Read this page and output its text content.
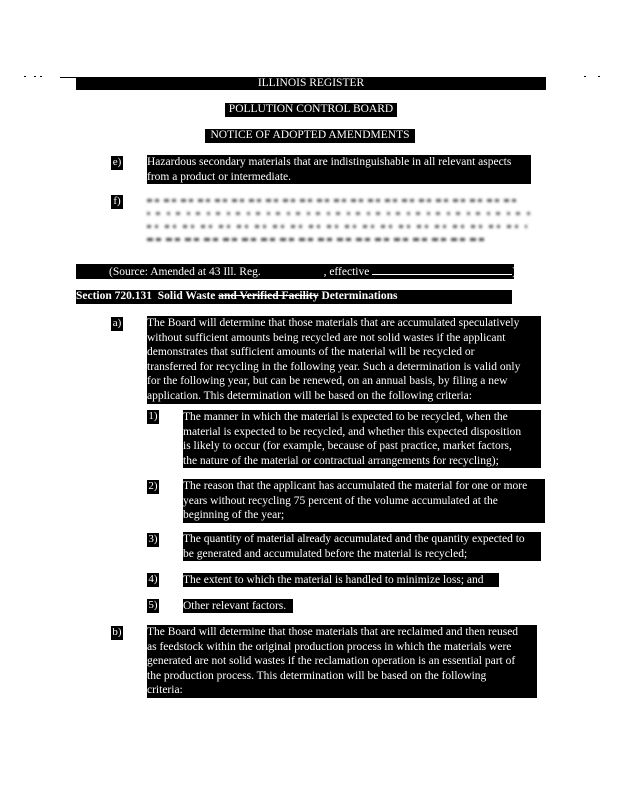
ILLINOIS REGISTER
POLLUTION CONTROL BOARD
NOTICE OF ADOPTED AMENDMENTS
e) Hazardous secondary materials that are indistinguishable in all relevant aspects
from a product or intermediate.
f)
(Source: Amended at 43 Ill. Reg.	, effective	)
Section 720.131 Solid Waste and Verified Facility Determinations
a) The Board will determine that those materials that are accumulated speculatively
without sufficient amounts being recycled are not solid wastes if the applicant
demonstrates that sufficient amounts of the material will be recycled or
transferred for recycling in the following year. Such a determination is valid only
for the following year, but can be renewed, on an annual basis, by filing a new
application. This determination will be based on the following criteria:
1) The manner in which the material is expected to be recycled, when the
material is expected to be recycled, and whether this expected disposition
is likely to occur (for example, because of past practice, market factors,
the nature of the material or contractual arrangements for recycling);
2) The reason that the applicant has accumulated the material for one or more
years without recycling 75 percent of the volume accumulated at the
beginning of the year;
3) The quantity of material already accumulated and the quantity expected to
be generated and accumulated before the material is recycled;
4) The extent to which the material is handled to minimize loss; and
5) Other relevant factors.
b) The Board will determine that those materials that are reclaimed and then reused
as feedstock within the original production process in which the materials were
generated are not solid wastes if the reclamation operation is an essential part of
the production process. This determination will be based on the following
criteria:
